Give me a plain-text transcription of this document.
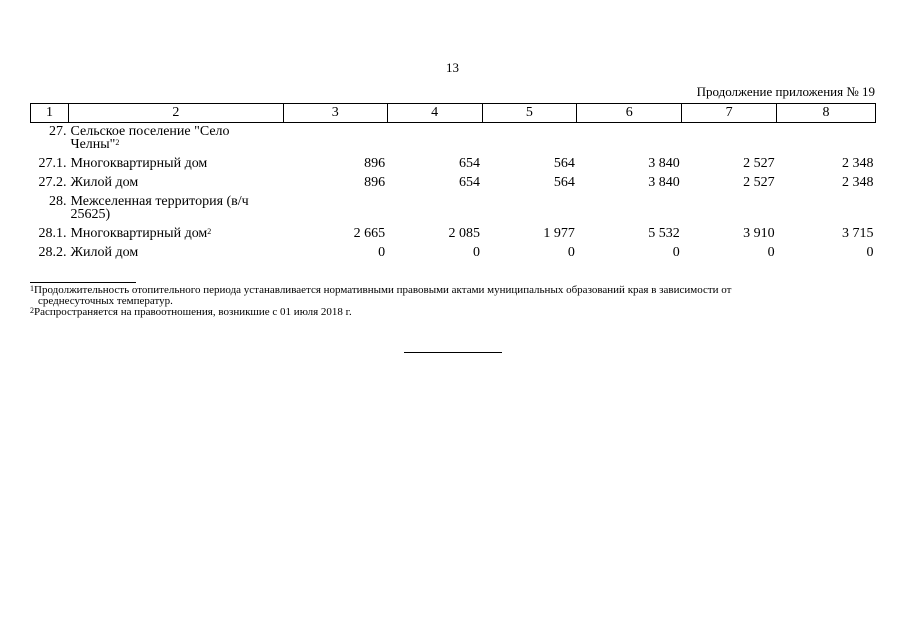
13
Продолжение приложения № 19
1	2	3	4	5	6	7	8
27.	Сельское поселение "Село Челны"$^2$						
27.1.	Многоквартирный дом	896	654	564	3 840	2 527	2 348
27.2.	Жилой дом	896	654	564	3 840	2 527	2 348
28.	Межселенная территория (в/ч 25625)						
28.1.	Многоквартирный дом$^2$	2 665	2 085	1 977	5 532	3 910	3 715
28.2.	Жилой дом	0	0	0	0	0	0
$^1$Продолжительность отопительного периода устанавливается нормативными правовыми актами муниципальных образований края в зависимости от
среднесуточных температур.
$^2$Распространяется на правоотношения, возникшие с 01 июля 2018 г.
